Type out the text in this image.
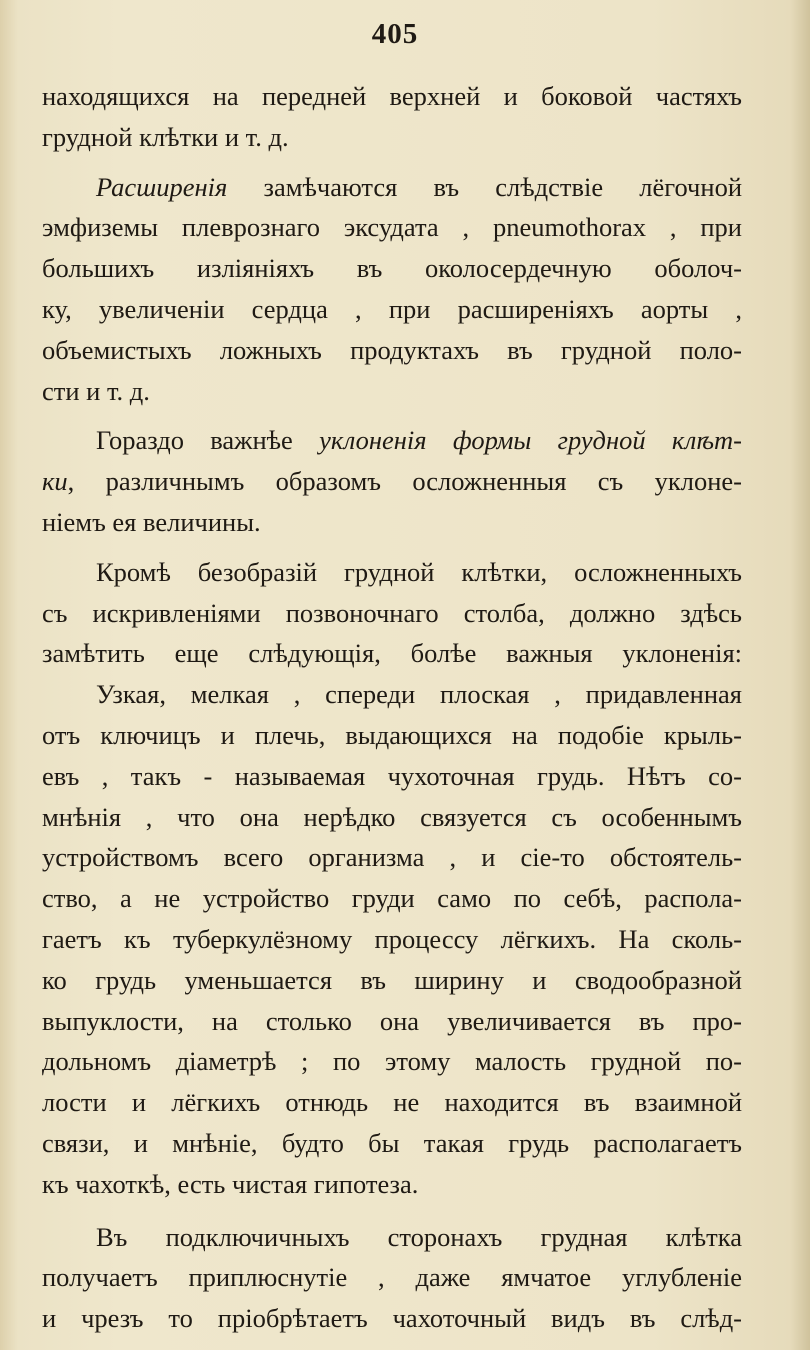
405
находящихся на передней верхней и боковой частяхъ
грудной клѣтки и т. д.
Расширенія замѣчаются въ слѣдствіе лёгочной
эмфиземы плеврознаго эксудата , pneumothorax , при
большихъ изліяніяхъ въ околосердечную оболоч-
ку, увеличеніи сердца , при расширеніяхъ аорты ,
объемистыхъ ложныхъ продуктахъ въ грудной поло-
сти и т. д.
Гораздо важнѣе уклоненія формы грудной клѣт-
ки, различнымъ образомъ осложненныя съ уклоне-
ніемъ ея величины.
Кромѣ безобразій грудной клѣтки, осложненныхъ
съ искривленіями позвоночнаго столба, должно здѣсь
замѣтить еще слѣдующія, болѣе важныя уклоненія:
Узкая, мелкая , спереди плоская , придавленная
отъ ключицъ и плечь, выдающихся на подобіе крыль-
евъ , такъ - называемая чухоточная грудь. Нѣтъ со-
мнѣнія , что она нерѣдко связуется съ особеннымъ
устройствомъ всего организма , и сіе-то обстоятель-
ство, а не устройство груди само по себѣ, распола-
гаетъ къ туберкулёзному процессу лёгкихъ. На сколь-
ко грудь уменьшается въ ширину и сводообразной
выпуклости, на столько она увеличивается въ про-
дольномъ діаметрѣ ; по этому малость грудной по-
лости и лёгкихъ отнюдь не находится въ взаимной
связи, и мнѣніе, будто бы такая грудь располагаетъ
къ чахоткѣ, есть чистая гипотеза.
Въ подключичныхъ сторонахъ грудная клѣтка
получаетъ приплюснутіе , даже ямчатое углубленіе
и чрезъ то пріобрѣтаетъ чахоточный видъ въ слѣд-
